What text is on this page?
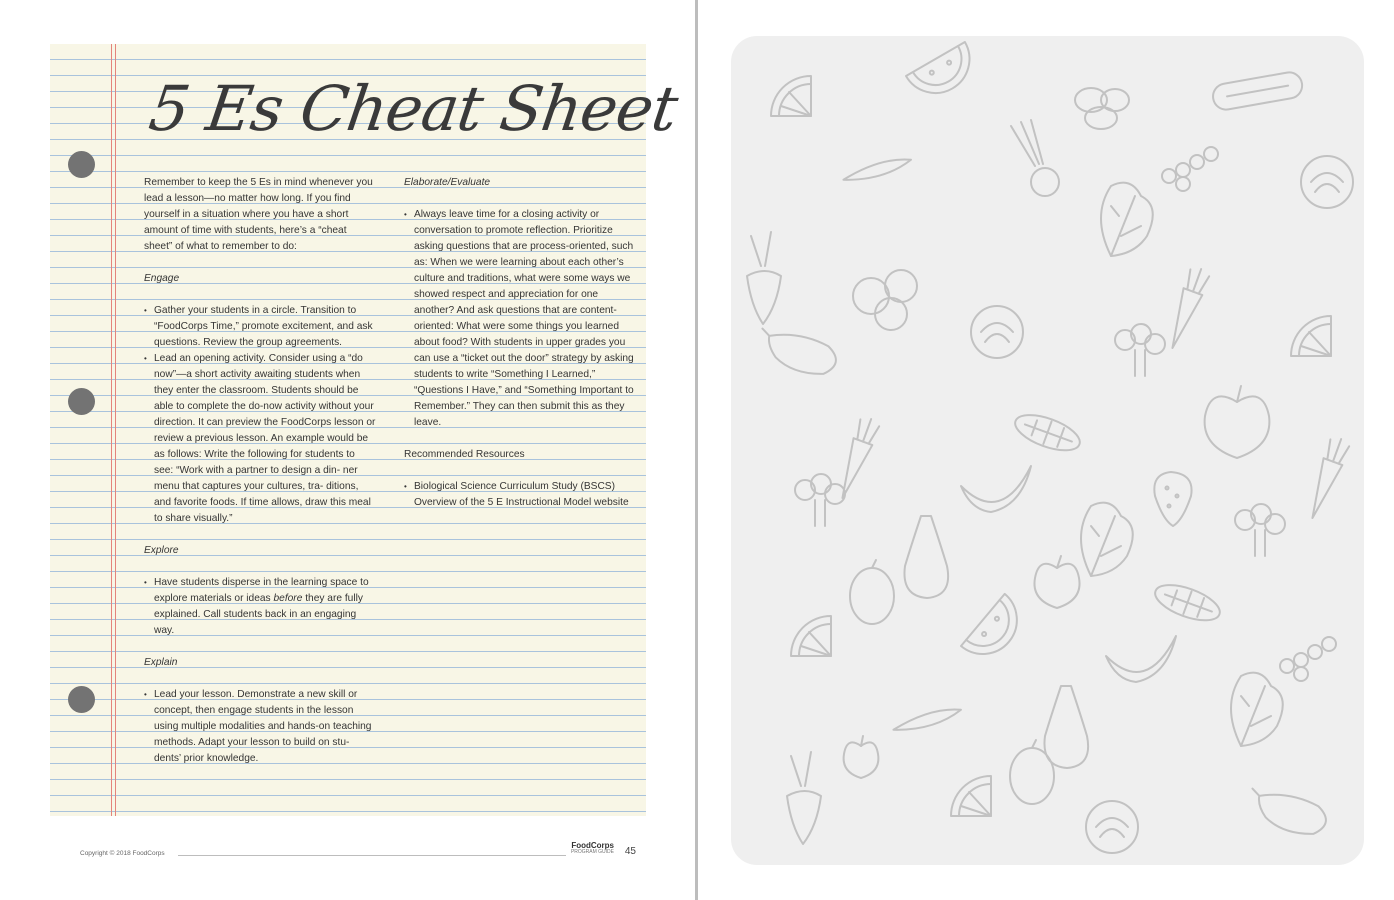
5 Es Cheat Sheet

Remember to keep the 5 Es in mind whenever you lead a lesson—no matter how long. If you find yourself in a situation where you have a short amount of time with students, here’s a “cheat sheet” of what to remember to do:

Engage
• Gather your students in a circle. Transition to “FoodCorps Time,” promote excitement, and ask questions. Review the group agreements.
• Lead an opening activity. Consider using a “do now”—a short activity awaiting students when they enter the classroom. Students should be able to complete the do-now activity without your direction. It can preview the FoodCorps lesson or review a previous lesson. An example would be as follows: Write the following for students to see: “Work with a partner to design a din- ner menu that captures your cultures, tra- ditions, and favorite foods. If time allows, draw this meal to share visually.”
Explore
• Have students disperse in the learning space to explore materials or ideas before they are fully explained. Call students back in an engaging way.
Explain
• Lead your lesson. Demonstrate a new skill or concept, then engage students in the lesson using multiple modalities and hands-on teaching methods. Adapt your lesson to build on stu- dents’ prior knowledge.
Elaborate/Evaluate
• Always leave time for a closing activity or conversation to promote reflection. Prioritize asking questions that are process-oriented, such as: When we were learning about each other’s culture and traditions, what were some ways we showed respect and appreciation for one another? And ask questions that are content-oriented: What were some things you learned about food? With students in upper grades you can use a “ticket out the door” strategy by asking students to write “Something I Learned,” “Questions I Have,” and “Something Important to Remember.” They can then submit this as they leave.
Recommended Resources
• Biological Science Curriculum Study (BSCS) Overview of the 5 E Instructional Model website
Copyright © 2018 FoodCorps
FoodCorps
PROGRAM GUIDE 45
